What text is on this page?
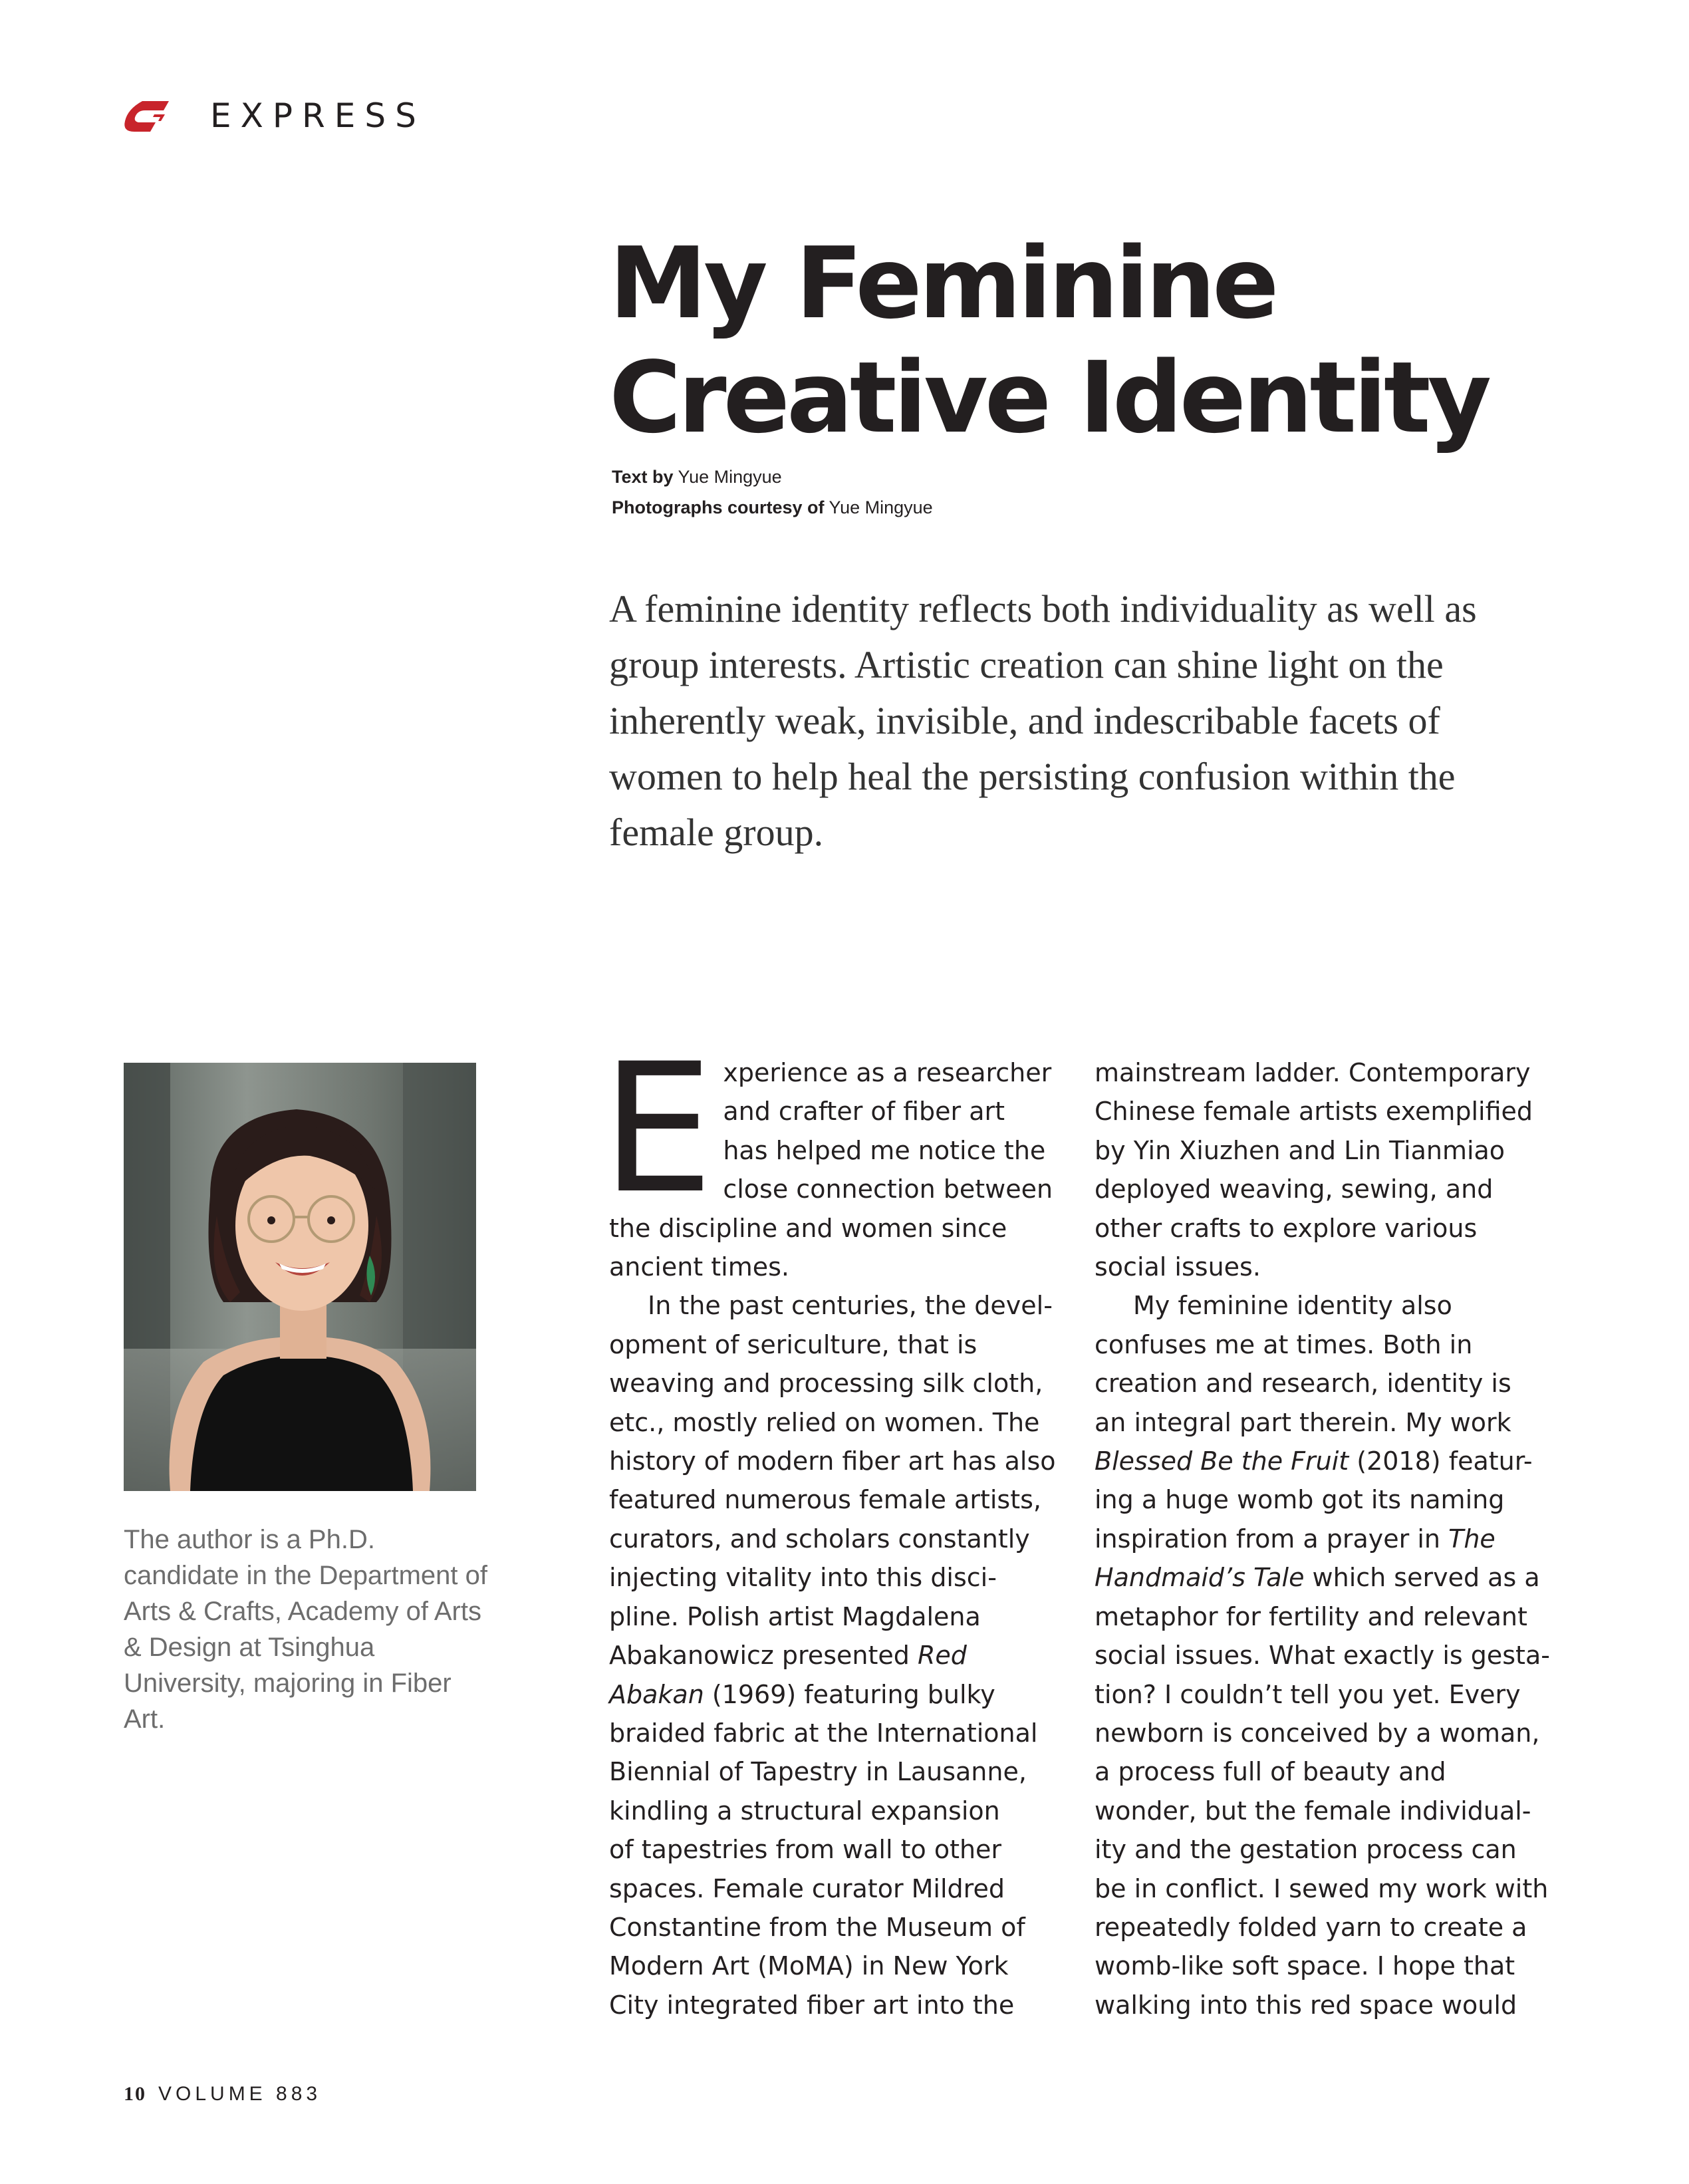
EXPRESS
My Feminine
Creative Identity
Text by Yue Mingyue
Photographs courtesy of Yue Mingyue
A feminine identity reflects both individuality as well as group interests. Artistic creation can shine light on the inherently weak, invisible, and indescribable facets of women to help heal the persisting confusion within the female group.
The author is a Ph.D. candidate in the Department of Arts & Crafts, Academy of Arts & Design at Tsinghua University, majoring in Fiber Art.

E xperience as a researcher
and crafter of fiber art
has helped me notice the
close connection between
the discipline and women since
ancient times.

In the past centuries, the devel-
opment of sericulture, that is
weaving and processing silk cloth,
etc., mostly relied on women. The
history of modern fiber art has also
featured numerous female artists,
curators, and scholars constantly
injecting vitality into this disci-
pline. Polish artist Magdalena
Abakanowicz presented Red
Abakan (1969) featuring bulky
braided fabric at the International
Biennial of Tapestry in Lausanne,
kindling a structural expansion
of tapestries from wall to other
spaces. Female curator Mildred
Constantine from the Museum of
Modern Art (MoMA) in New York
City integrated fiber art into the

mainstream ladder. Contemporary
Chinese female artists exemplified
by Yin Xiuzhen and Lin Tianmiao
deployed weaving, sewing, and
other crafts to explore various
social issues.

My feminine identity also
confuses me at times. Both in
creation and research, identity is
an integral part therein. My work
Blessed Be the Fruit (2018) featur-
ing a huge womb got its naming
inspiration from a prayer in The
Handmaid’s Tale which served as a
metaphor for fertility and relevant
social issues. What exactly is gesta-
tion? I couldn’t tell you yet. Every
newborn is conceived by a woman,
a process full of beauty and
wonder, but the female individual-
ity and the gestation process can
be in conflict. I sewed my work with
repeatedly folded yarn to create a
womb-like soft space. I hope that
walking into this red space would

10 VOLUME 883
